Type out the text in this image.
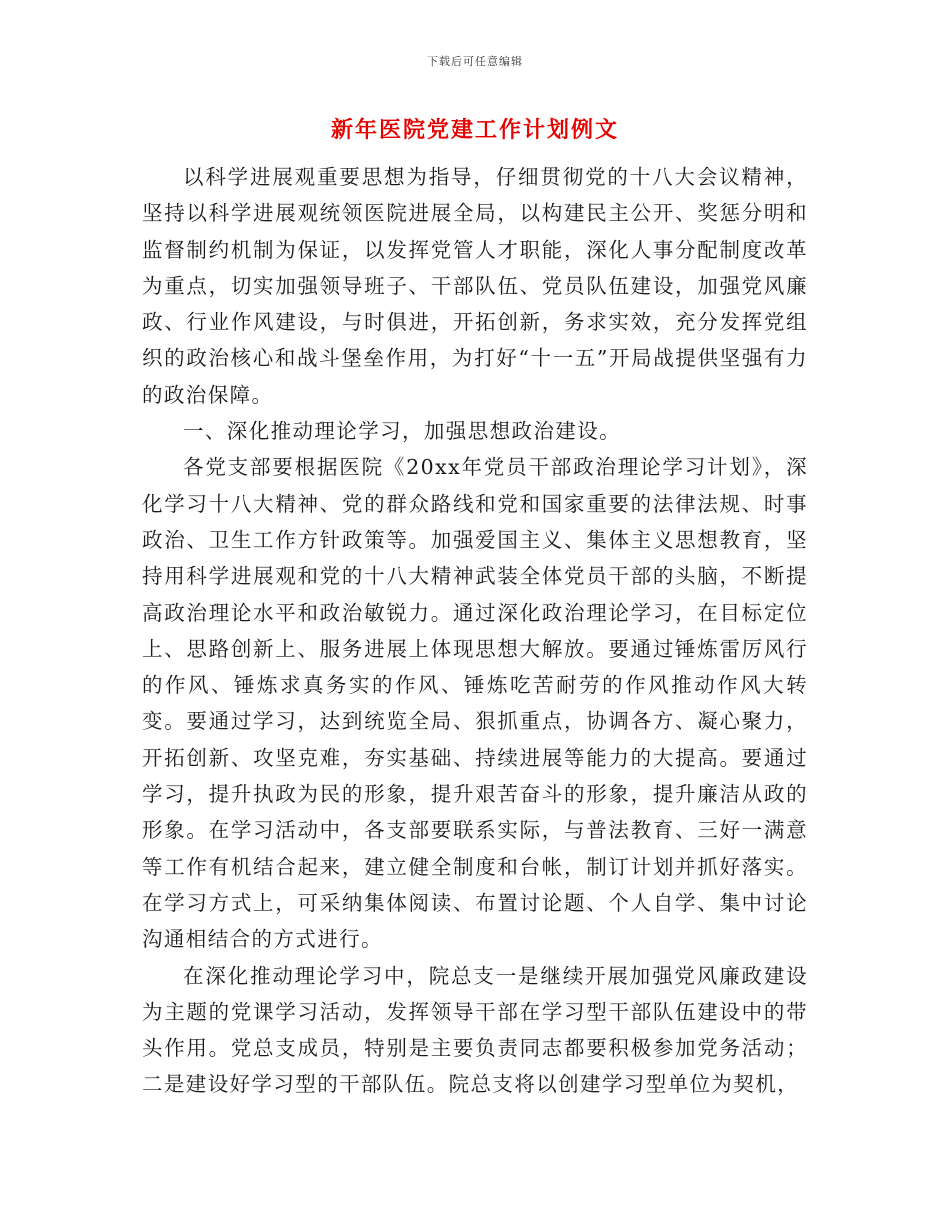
下载后可任意编辑
新年医院党建工作计划例文

以科学进展观重要思想为指导，仔细贯彻党的十八大会议精神，坚持以科学进展观统领医院进展全局，以构建民主公开、奖惩分明和监督制约机制为保证，以发挥党管人才职能，深化人事分配制度改革为重点，切实加强领导班子、干部队伍、党员队伍建设，加强党风廉政、行业作风建设，与时俱进，开拓创新，务求实效，充分发挥党组织的政治核心和战斗堡垒作用，为打好“十一五”开局战提供坚强有力的政治保障。

一、深化推动理论学习，加强思想政治建设。

各党支部要根据医院《20xx年党员干部政治理论学习计划》，深化学习十八大精神、党的群众路线和党和国家重要的法律法规、时事政治、卫生工作方针政策等。加强爱国主义、集体主义思想教育，坚持用科学进展观和党的十八大精神武装全体党员干部的头脑，不断提高政治理论水平和政治敏锐力。通过深化政治理论学习，在目标定位上、思路创新上、服务进展上体现思想大解放。要通过锤炼雷厉风行的作风、锤炼求真务实的作风、锤炼吃苦耐劳的作风推动作风大转变。要通过学习，达到统览全局、狠抓重点，协调各方、凝心聚力，开拓创新、攻坚克难，夯实基础、持续进展等能力的大提高。要通过学习，提升执政为民的形象，提升艰苦奋斗的形象，提升廉洁从政的形象。在学习活动中，各支部要联系实际，与普法教育、三好一满意等工作有机结合起来，建立健全制度和台帐，制订计划并抓好落实。在学习方式上，可采纳集体阅读、布置讨论题、个人自学、集中讨论沟通相结合的方式进行。

在深化推动理论学习中，院总支一是继续开展加强党风廉政建设为主题的党课学习活动，发挥领导干部在学习型干部队伍建设中的带头作用。党总支成员，特别是主要负责同志都要积极参加党务活动；二是建设好学习型的干部队伍。院总支将以创建学习型单位为契机，
